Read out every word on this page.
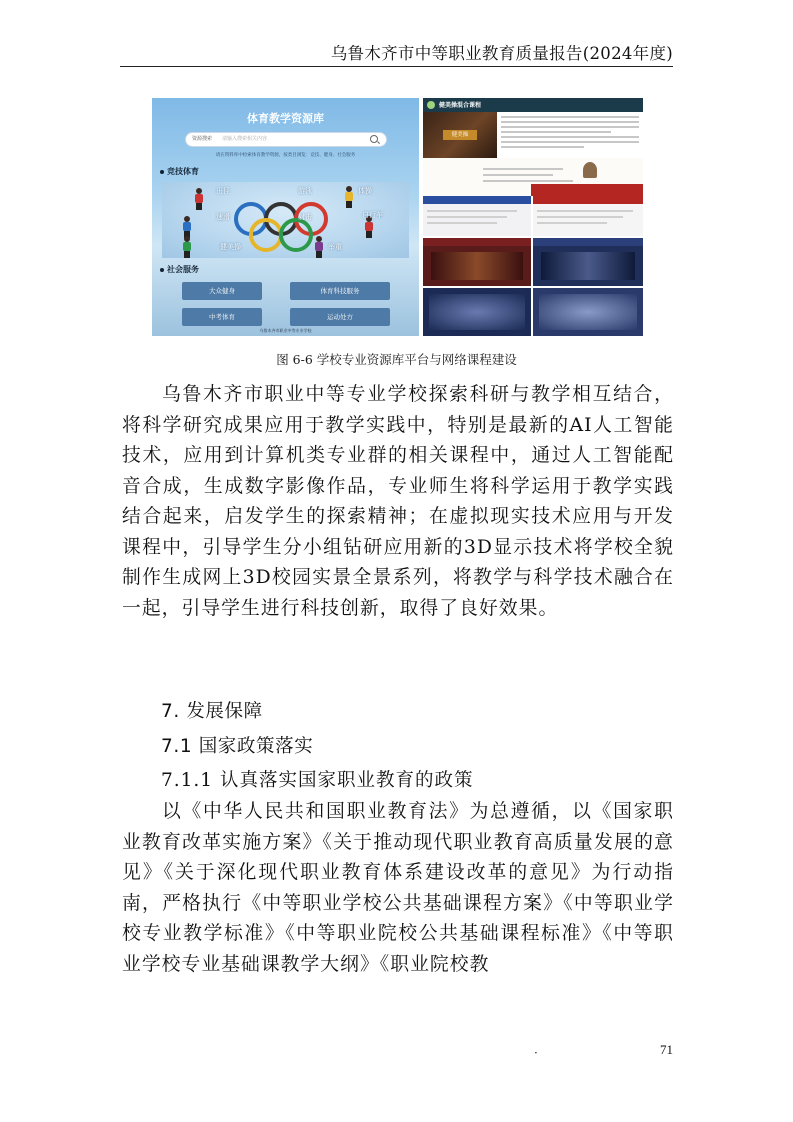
乌鲁木齐市中等职业教育质量报告(2024年度)
体育教学资源库
资源搜索 请输入搜索相关内容
请在资料库中检索体育教学资源，按类目浏览：竞技、健身、社会服务
竞技体育
田径	游泳	体操
速滑	射击	自行车
健美操	举重
社会服务
大众健身	体育科技服务
中考体育	运动处方
乌鲁木齐市职业中等专业学校
健美操混合课程
健美操
图 6-6 学校专业资源库平台与网络课程建设
乌鲁木齐市职业中等专业学校探索科研与教学相互结合，将科学研究成果应用于教学实践中，特别是最新的AI人工智能技术，应用到计算机类专业群的相关课程中，通过人工智能配音合成，生成数字影像作品，专业师生将科学运用于教学实践结合起来，启发学生的探索精神；在虚拟现实技术应用与开发课程中，引导学生分小组钻研应用新的3D显示技术将学校全貌制作生成网上3D校园实景全景系列，将教学与科学技术融合在一起，引导学生进行科技创新，取得了良好效果。
7. 发展保障
7.1 国家政策落实
7.1.1 认真落实国家职业教育的政策
以《中华人民共和国职业教育法》为总遵循，以《国家职业教育改革实施方案》《关于推动现代职业教育高质量发展的意见》《关于深化现代职业教育体系建设改革的意见》为行动指南，严格执行《中等职业学校公共基础课程方案》《中等职业学校专业教学标准》《中等职业院校公共基础课程标准》《中等职业学校专业基础课教学大纲》《职业院校教
·	71
